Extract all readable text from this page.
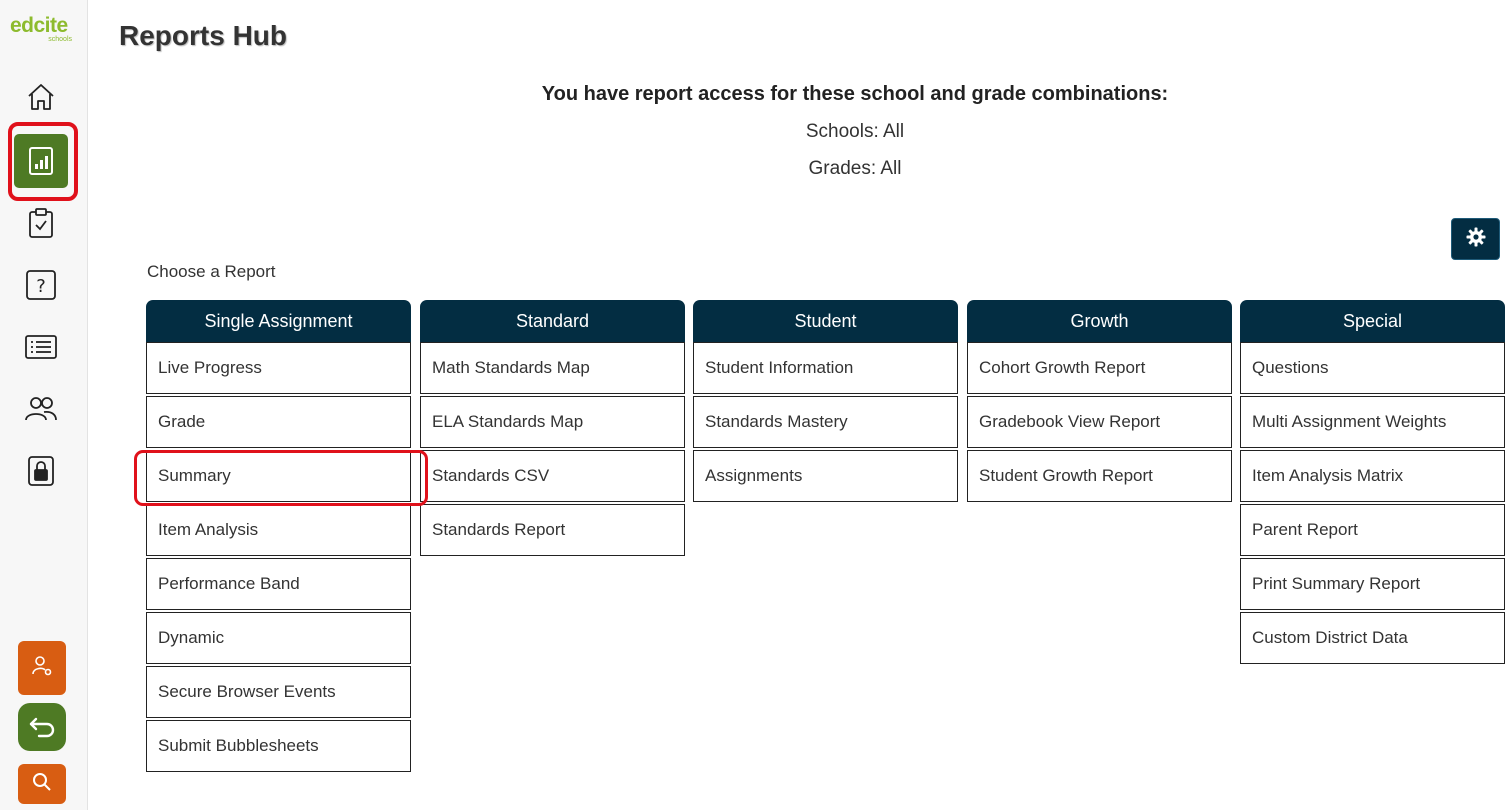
edcite
schools
?
Reports Hub
You have report access for these school and grade combinations:
Schools: All
Grades: All
Choose a Report
Single Assignment
Live Progress
Grade
Summary
Item Analysis
Performance Band
Dynamic
Secure Browser Events
Submit Bubblesheets
Standard
Math Standards Map
ELA Standards Map
Standards CSV
Standards Report
Student
Student Information
Standards Mastery
Assignments
Growth
Cohort Growth Report
Gradebook View Report
Student Growth Report
Special
Questions
Multi Assignment Weights
Item Analysis Matrix
Parent Report
Print Summary Report
Custom District Data
